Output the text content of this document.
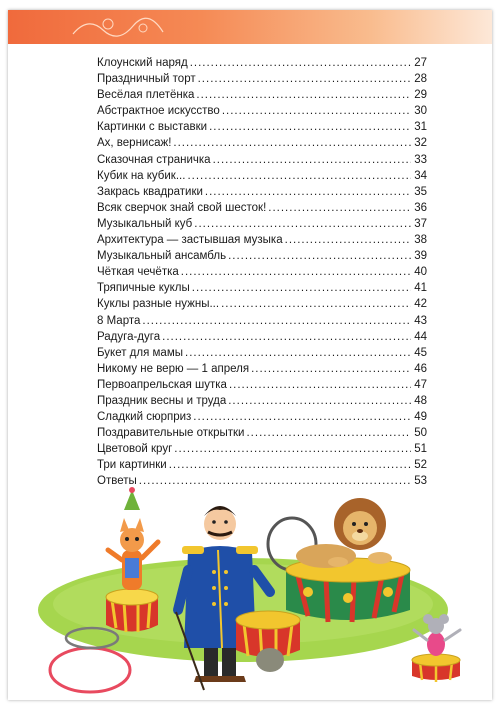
Клоунский наряд .....	27
Праздничный торт .....	28
Весёлая плетёнка .....	29
Абстрактное искусство .....	30
Картинки с выставки .....	31
Ах, вернисаж! .....	32
Сказочная страничка .....	33
Кубик на кубик... .....	34
Закрась квадратики .....	35
Всяк сверчок знай свой шесток! .....	36
Музыкальный куб .....	37
Архитектура — застывшая музыка .....	38
Музыкальный ансамбль .....	39
Чёткая чечётка .....	40
Тряпичные куклы .....	41
Куклы разные нужны... .....	42
8 Марта .....	43
Радуга-дуга .....	44
Букет для мамы .....	45
Никому не верю — 1 апреля .....	46
Первоапрельская шутка .....	47
Праздник весны и труда .....	48
Сладкий сюрприз .....	49
Поздравительные открытки .....	50
Цветовой круг .....	51
Три картинки .....	52
Ответы .....	53
